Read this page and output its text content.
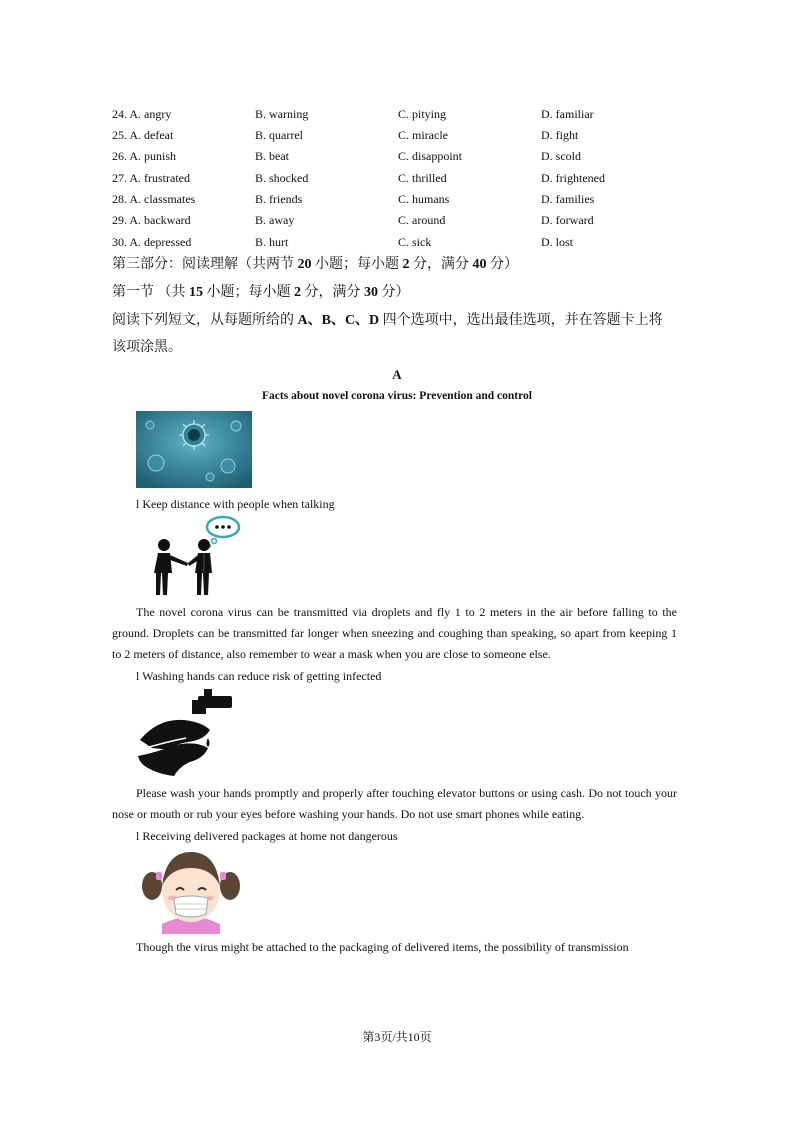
24. A. angry	B. warning	C. pitying	D. familiar
25. A. defeat	B. quarrel	C. miracle	D. fight
26. A. punish	B. beat	C. disappoint	D. scold
27. A. frustrated	B. shocked	C. thrilled	D. frightened
28. A. classmates	B. friends	C. humans	D. families
29. A. backward	B. away	C. around	D. forward
30. A. depressed	B. hurt	C. sick	D. lost
第三部分：阅读理解（共两节 20 小题；每小题 2 分，满分 40 分）
第一节 （共 15 小题；每小题 2 分，满分 30 分）
阅读下列短文，从每题所给的 A、B、C、D 四个选项中，选出最佳选项，并在答题卡上将
该项涂黑。
A
Facts about novel corona virus: Prevention and control
l Keep distance with people when talking
The novel corona virus can be transmitted via droplets and fly 1 to 2 meters in the air before falling to the ground. Droplets can be transmitted far longer when sneezing and coughing than speaking, so apart from keeping 1 to 2 meters of distance, also remember to wear a mask when you are close to someone else.
l Washing hands can reduce risk of getting infected
Please wash your hands promptly and properly after touching elevator buttons or using cash. Do not touch your nose or mouth or rub your eyes before washing your hands. Do not use smart phones while eating.
l Receiving delivered packages at home not dangerous
Though the virus might be attached to the packaging of delivered items, the possibility of transmission
第3页/共10页
